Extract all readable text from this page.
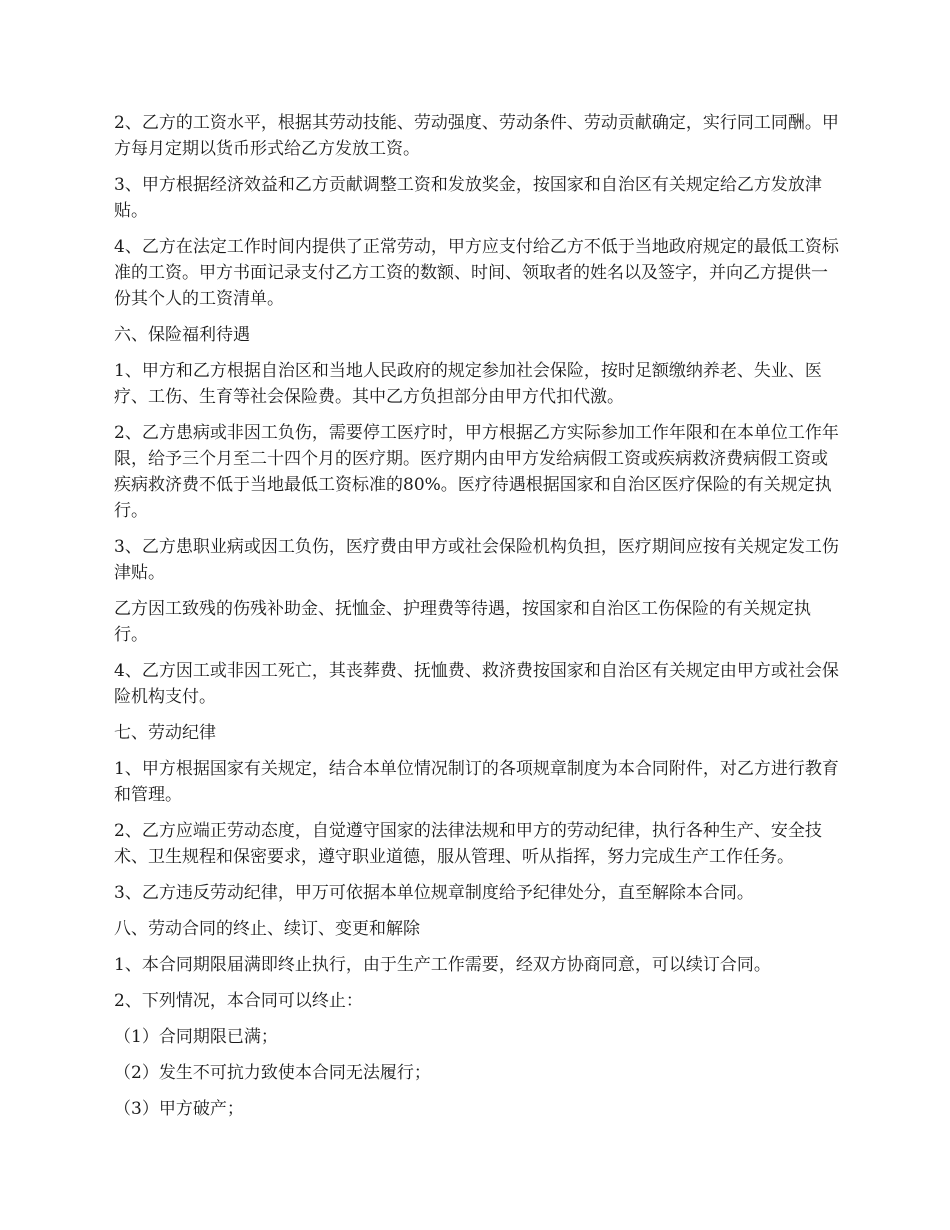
2、乙方的工资水平，根据其劳动技能、劳动强度、劳动条件、劳动贡献确定，实行同工同酬。甲方每月定期以货币形式给乙方发放工资。

3、甲方根据经济效益和乙方贡献调整工资和发放奖金，按国家和自治区有关规定给乙方发放津贴。

4、乙方在法定工作时间内提供了正常劳动，甲方应支付给乙方不低于当地政府规定的最低工资标准的工资。甲方书面记录支付乙方工资的数额、时间、领取者的姓名以及签字，并向乙方提供一份其个人的工资清单。

六、保险福利待遇

1、甲方和乙方根据自治区和当地人民政府的规定参加社会保险，按时足额缴纳养老、失业、医疗、工伤、生育等社会保险费。其中乙方负担部分由甲方代扣代激。

2、乙方患病或非因工负伤，需要停工医疗时，甲方根据乙方实际参加工作年限和在本单位工作年限，给予三个月至二十四个月的医疗期。医疗期内由甲方发给病假工资或疾病救济费病假工资或疾病救济费不低于当地最低工资标准的80%。医疗待遇根据国家和自治区医疗保险的有关规定执行。

3、乙方患职业病或因工负伤，医疗费由甲方或社会保险机构负担，医疗期间应按有关规定发工伤津贴。

乙方因工致残的伤残补助金、抚恤金、护理费等待遇，按国家和自治区工伤保险的有关规定执行。

4、乙方因工或非因工死亡，其丧葬费、抚恤费、救济费按国家和自治区有关规定由甲方或社会保险机构支付。

七、劳动纪律

1、甲方根据国家有关规定，结合本单位情况制订的各项规章制度为本合同附件，对乙方进行教育和管理。

2、乙方应端正劳动态度，自觉遵守国家的法律法规和甲方的劳动纪律，执行各种生产、安全技术、卫生规程和保密要求，遵守职业道德，服从管理、听从指挥，努力完成生产工作任务。

3、乙方违反劳动纪律，甲万可依据本单位规章制度给予纪律处分，直至解除本合同。

八、劳动合同的终止、续订、变更和解除

1、本合同期限届满即终止执行，由于生产工作需要，经双方协商同意，可以续订合同。

2、下列情况，本合同可以终止：

（1）合同期限已满；

（2）发生不可抗力致使本合同无法履行；

（3）甲方破产；
